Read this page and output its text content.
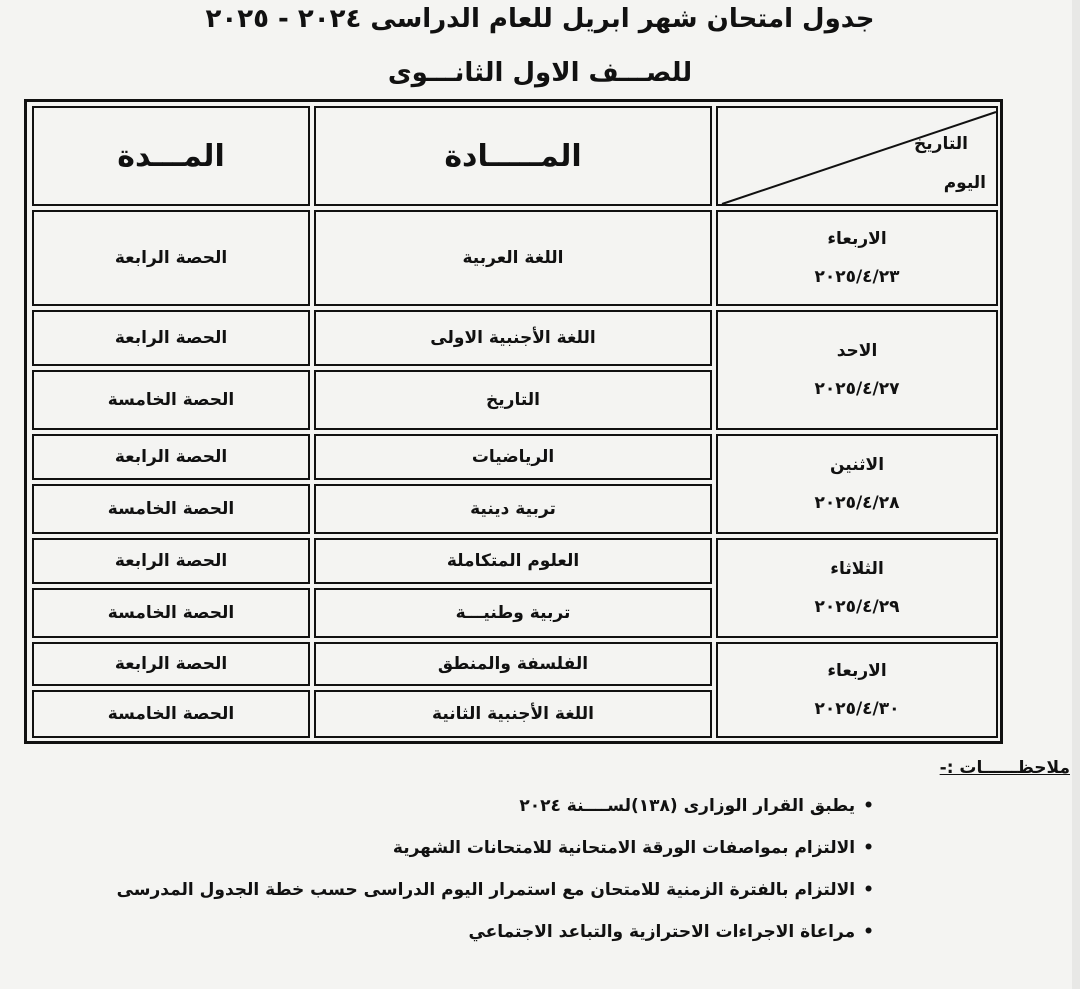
جدول امتحان شهر ابريل للعام الدراسى ٢٠٢٤ - ٢٠٢٥
للصـــف الاول الثانـــوى
التاريخ
اليوم
المـــــادة
المـــدة
الاربعاء
٢٠٢٥/٤/٢٣
الاحد
٢٠٢٥/٤/٢٧
الاثنين
٢٠٢٥/٤/٢٨
الثلاثاء
٢٠٢٥/٤/٢٩
الاربعاء
٢٠٢٥/٤/٣٠
اللغة العربية
الحصة الرابعة
اللغة الأجنبية الاولى
الحصة الرابعة
التاريخ
الحصة الخامسة
الرياضيات
الحصة الرابعة
تربية دينية
الحصة الخامسة
العلوم المتكاملة
الحصة الرابعة
تربية وطنيـــة
الحصة الخامسة
الفلسفة والمنطق
الحصة الرابعة
اللغة الأجنبية الثانية
الحصة الخامسة
ملاحظــــــات :-
•يطبق القرار الوزارى (١٣٨)لســــنة ٢٠٢٤
•الالتزام بمواصفات الورقة الامتحانية للامتحانات الشهرية
•الالتزام بالفترة الزمنية للامتحان مع استمرار اليوم الدراسى حسب خطة الجدول المدرسى
•مراعاة الاجراءات الاحترازية والتباعد الاجتماعي
